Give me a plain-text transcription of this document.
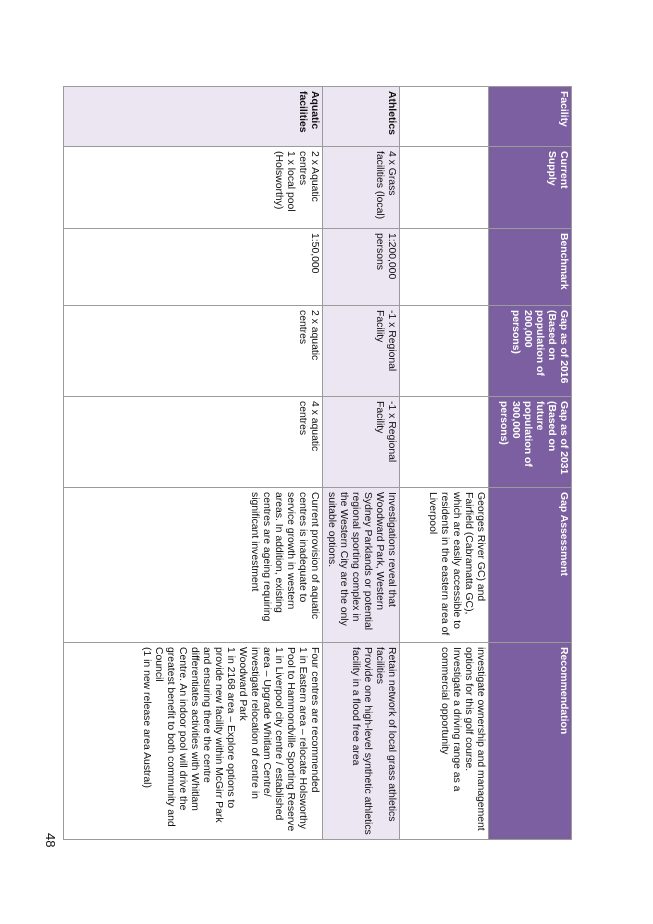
Facility	Current Supply	Benchmark	Gap as of 2016 (Based on population of 200,000 persons)	Gap as of 2031 (Based on future population of 300,000 persons)	Gap Assessment	Recommendation
					Georges River GC) and Fairfield (Cabramatta GC), which are easily accessible to residents in the eastern area of Liverpool	investigate ownership and management options for this golf course.
Investigate a driving range as a commercial opportunity
Athletics	4 x Grass facilities (local)	1:200,000 persons	-1 x Regional Facility	-1 x Regional Facility	Investigations reveal that Woodward Park, Western Sydney Parklands or potential regional sporting complex in the Western City are the only suitable options.	Retain network of local grass athletics facilities
Provide one high-level synthetic athletics facility in a flood free area
Aquatic facilities	2 x Aquatic centres
1 x local pool (Holsworthy)	1:50,000	2 x aquatic centres	4 x aquatic centres	Current provision of aquatic centres is inadequate to service growth in western areas. In addition, existing centres are ageing requiring significant investment	Four centres are recommended
1 in Eastern area – relocate Holsworthy Pool to Hammondville Sporting Reserve
1 in Liverpool city centre / established area – Upgrade Whitlam Centre/ investigate relocation of centre in Woodward Park
1 in 2168 area – Explore options to provide new facility within McGirr Park and ensuring there the centre differentiates activities with Whitlam Centre. An indoor pool will drive the greatest benefit to both community and Council
(1 in new release area Austral)
48
